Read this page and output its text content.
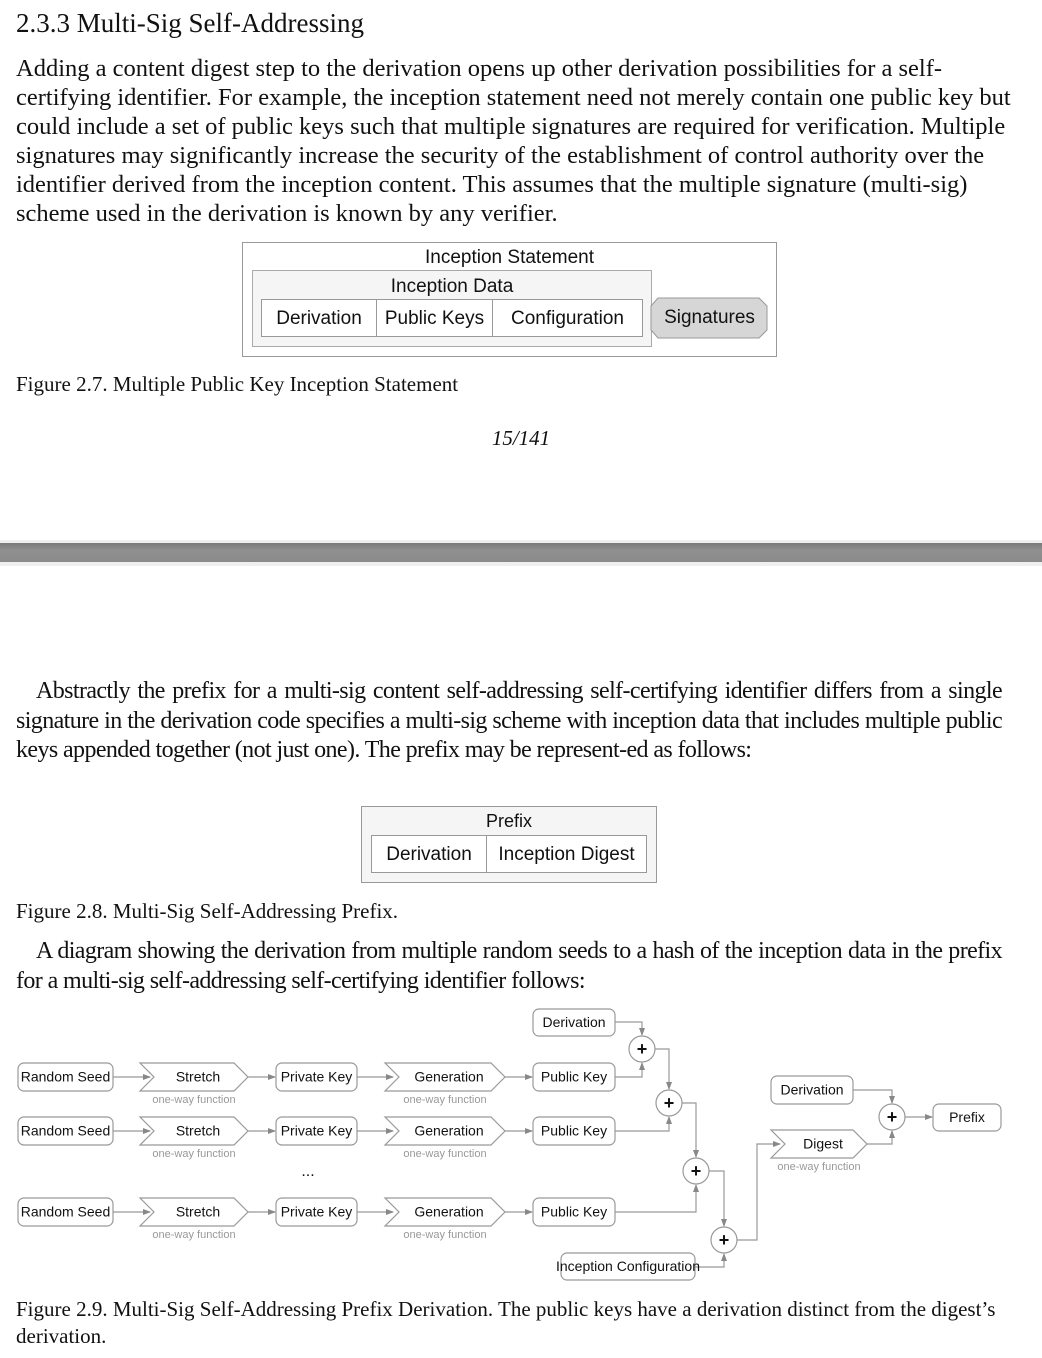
2.3.3 Multi-Sig Self-Addressing

Adding a content digest step to the derivation opens up other derivation possibilities for a self-certifying identifier. For example, the inception statement need not merely contain one public key but could include a set of public keys such that multiple signatures are required for verification. Multiple signatures may significantly increase the security of the establishment of control authority over the identifier derived from the inception content. This assumes that the multiple signature (multi-sig) scheme used in the derivation is known by any verifier.

Inception Statement
Inception Data
Derivation	Public Keys	Configuration	Signatures
Figure 2.7. Multiple Public Key Inception Statement
15/141

Abstractly the prefix for a multi-sig content self-addressing self-certifying identifier differs from a single signature in the derivation code specifies a multi-sig scheme with inception data that includes multiple public keys appended together (not just one). The prefix may be represent-ed as follows:

Prefix
Derivation	Inception Digest
Figure 2.8. Multi-Sig Self-Addressing Prefix.

A diagram showing the derivation from multiple random seeds to a hash of the inception data in the prefix for a multi-sig self-addressing self-certifying identifier follows:

Random Seed	Stretch
one-way function
Private Key	Generation
one-way function
Public Key
Random Seed	Stretch
one-way function
Private Key	Generation
one-way function
Public Key
Random Seed	Stretch
one-way function
Private Key	Generation
one-way function
Public Key
...
Derivation
+
+
+
+
Inception Configuration
Digest
one-way function
Derivation
+	Prefix
Figure 2.9. Multi-Sig Self-Addressing Prefix Derivation. The public keys have a derivation distinct from the digest’s derivation.
